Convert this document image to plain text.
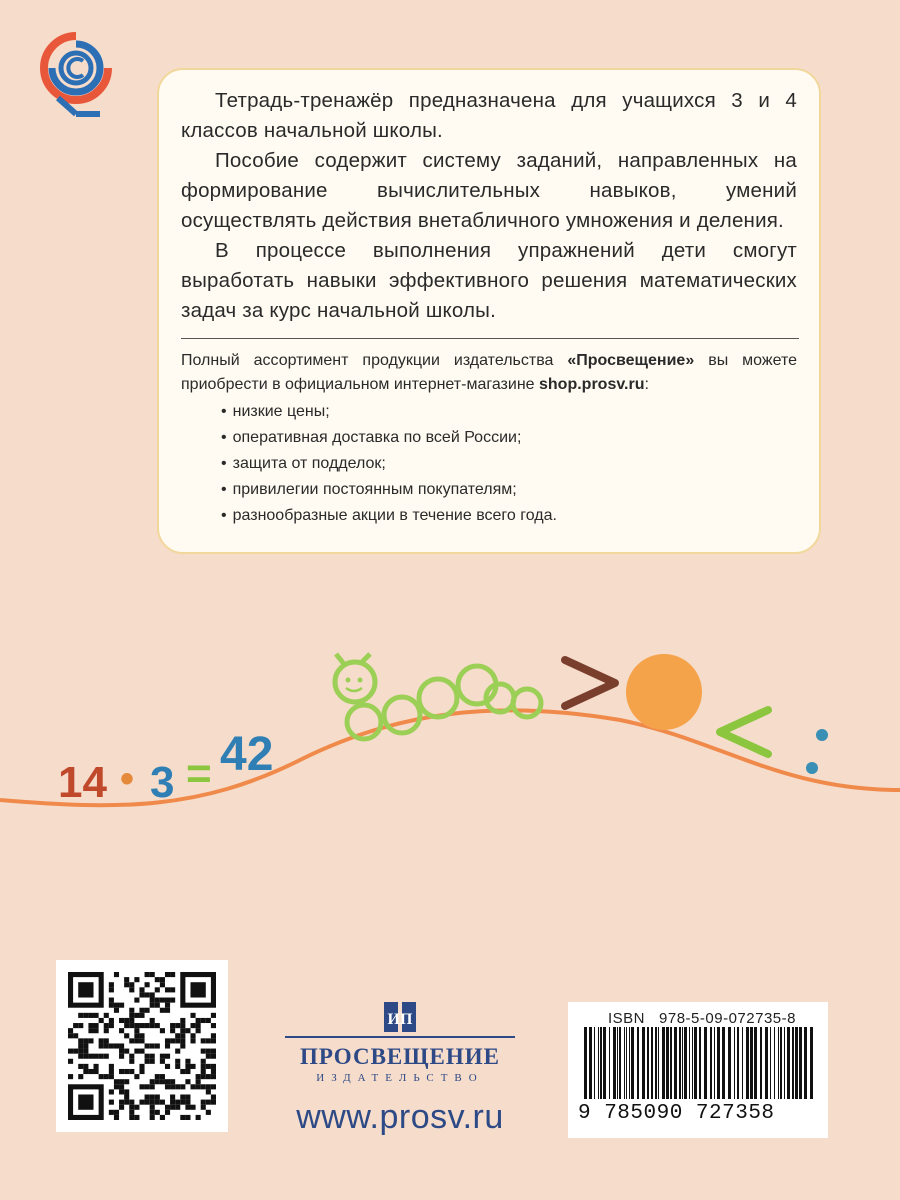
Тетрадь-тренажёр предназначена для учащихся 3 и 4 классов начальной школы.

Пособие содержит систему заданий, направленных на формирование вычислительных навыков, умений осуществлять действия внетабличного умножения и деления.

В процессе выполнения упражнений дети смогут выработать навыки эффективного решения математических задач за курс начальной школы.

Полный ассортимент продукции издательства «Просвещение» вы можете приобрести в официальном интернет-магазине shop.prosv.ru:

• низкие цены;
• оперативная доставка по всей России;
• защита от подделок;
• привилегии постоянным покупателям;
• разнообразные акции в течение всего года.
14 • 3 = 42
ИП
ПРОСВЕЩЕНИЕ
ИЗДАТЕЛЬСТВО
www.prosv.ru
ISBN 978-5-09-072735-8
9 785090 727358
